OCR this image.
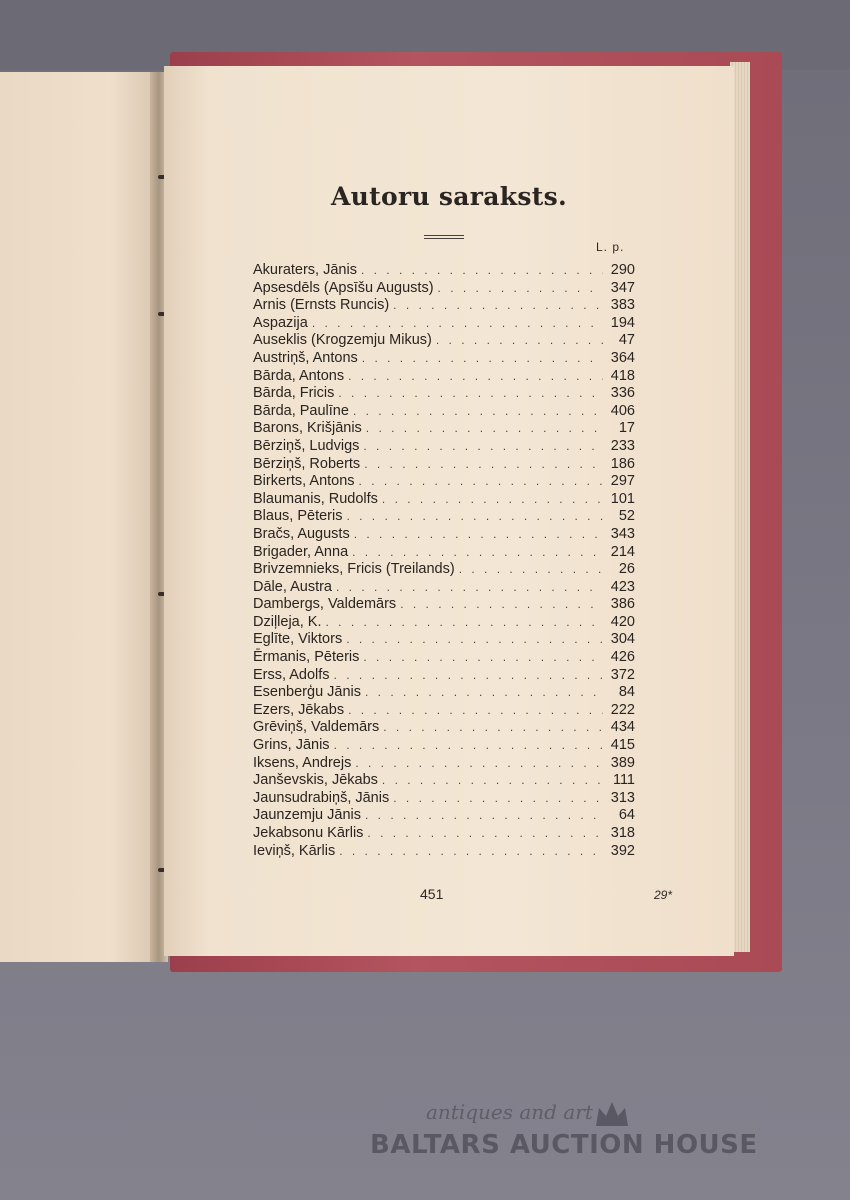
Autoru saraksts.
L. p.
Akuraters, Jānis . . .	290
Apsesdēls (Apsīšu Augusts) . . .	347
Arnis (Ernsts Runcis) . . .	383
Aspazija . . .	194
Auseklis (Krogzemju Mikus) . . .	47
Austriņš, Antons . . .	364
Bārda, Antons . . .	418
Bārda, Fricis . . .	336
Bārda, Paulīne . . .	406
Barons, Krišjānis . . .	17
Bērziņš, Ludvigs . . .	233
Bērziņš, Roberts . . .	186
Birkerts, Antons . . .	297
Blaumanis, Rudolfs . . .	101
Blaus, Pēteris . . .	52
Bračs, Augusts . . .	343
Brigader, Anna . . .	214
Brivzemnieks, Fricis (Treilands) . . .	26
Dāle, Austra . . .	423
Dambergs, Valdemārs . . .	386
Dziļleja, K. . . .	420
Eglīte, Viktors . . .	304
Ērmanis, Pēteris . . .	426
Erss, Adolfs . . .	372
Esenberģu Jānis . . .	84
Ezers, Jēkabs . . .	222
Grēviņš, Valdemārs . . .	434
Grins, Jānis . . .	415
Iksens, Andrejs . . .	389
Janševskis, Jēkabs . . .	111
Jaunsudrabiņš, Jānis . . .	313
Jaunzemju Jānis . . .	64
Jekabsonu Kārlis . . .	318
Ieviņš, Kārlis . . .	392
451	29*
antiques and art
BALTARS AUCTION HOUSE
